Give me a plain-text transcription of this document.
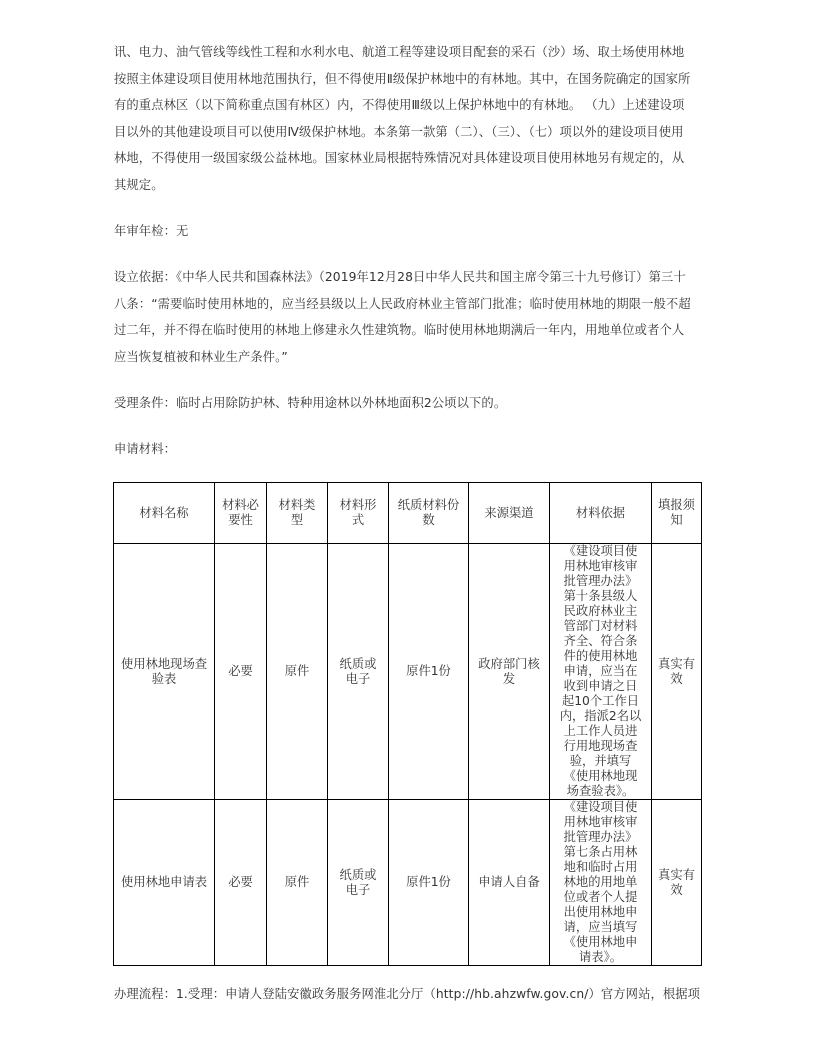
讯、电力、油气管线等线性工程和水利水电、航道工程等建设项目配套的采石（沙）场、取土场使用林地按照主体建设项目使用林地范围执行，但不得使用Ⅱ级保护林地中的有林地。其中，在国务院确定的国家所有的重点林区（以下简称重点国有林区）内，不得使用Ⅲ级以上保护林地中的有林地。 （九）上述建设项目以外的其他建设项目可以使用Ⅳ级保护林地。本条第一款第（二）、（三）、（七）项以外的建设项目使用林地，不得使用一级国家级公益林地。国家林业局根据特殊情况对具体建设项目使用林地另有规定的，从其规定。

年审年检：无

设立依据：《中华人民共和国森林法》（2019年12月28日中华人民共和国主席令第三十九号修订）第三十八条：“需要临时使用林地的，应当经县级以上人民政府林业主管部门批准；临时使用林地的期限一般不超过二年，并不得在临时使用的林地上修建永久性建筑物。临时使用林地期满后一年内，用地单位或者个人应当恢复植被和林业生产条件。”

受理条件：临时占用除防护林、特种用途林以外林地面积2公顷以下的。

申请材料：

材料名称	材料必要性	材料类型	材料形式	纸质材料份数	来源渠道	材料依据	填报须知
使用林地现场查验表	必要	原件	纸质或电子	原件1份	政府部门核发	《建设项目使用林地审核审批管理办法》第十条县级人民政府林业主管部门对材料齐全、符合条件的使用林地申请，应当在收到申请之日起10个工作日内，指派2名以上工作人员进行用地现场查验，并填写《使用林地现场查验表》。	真实有效
使用林地申请表	必要	原件	纸质或电子	原件1份	申请人自备	《建设项目使用林地审核审批管理办法》第七条占用林地和临时占用林地的用地单位或者个人提出使用林地申请，应当填写《使用林地申请表》。	真实有效

办理流程：1.受理：申请人登陆安徽政务服务网淮北分厅（http://hb.ahzwfw.gov.cn/）官方网站，根据项
